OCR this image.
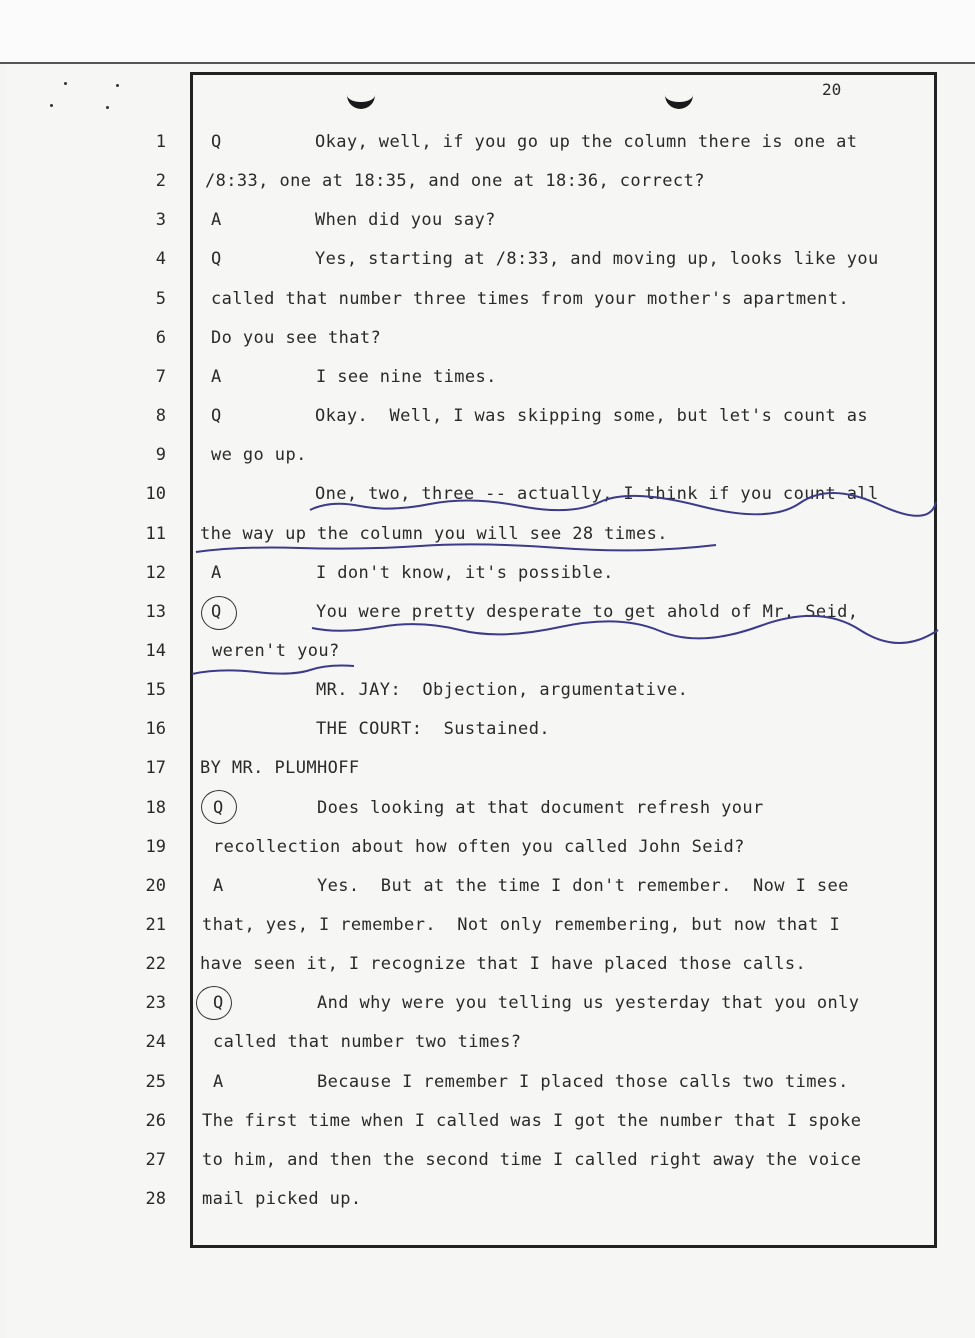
20
1	Q	Okay, well, if you go up the column there is one at
2 /8:33, one at 18:35, and one at 18:36, correct?
3	A	When did you say?
4	Q	Yes, starting at /8:33, and moving up, looks like you
5	called that number three times from your mother's apartment.
6	Do you see that?
7	A	I see nine times.
8	Q	Okay.  Well, I was skipping some, but let's count as
9	we go up.
10	One, two, three -- actually, I think if you count all
11 the way up the column you will see 28 times.
12	A	I don't know, it's possible.
13	Q	You were pretty desperate to get ahold of Mr. Seid,
14	weren't you?
15	MR. JAY:  Objection, argumentative.
16	THE COURT:  Sustained.
17 BY MR. PLUMHOFF
18	Q	Does looking at that document refresh your
19	recollection about how often you called John Seid?
20	A	Yes.  But at the time I don't remember.  Now I see
21 that, yes, I remember.  Not only remembering, but now that I
22 have seen it, I recognize that I have placed those calls.
23	Q	And why were you telling us yesterday that you only
24	called that number two times?
25	A	Because I remember I placed those calls two times.
26 The first time when I called was I got the number that I spoke
27 to him, and then the second time I called right away the voice
28 mail picked up.
